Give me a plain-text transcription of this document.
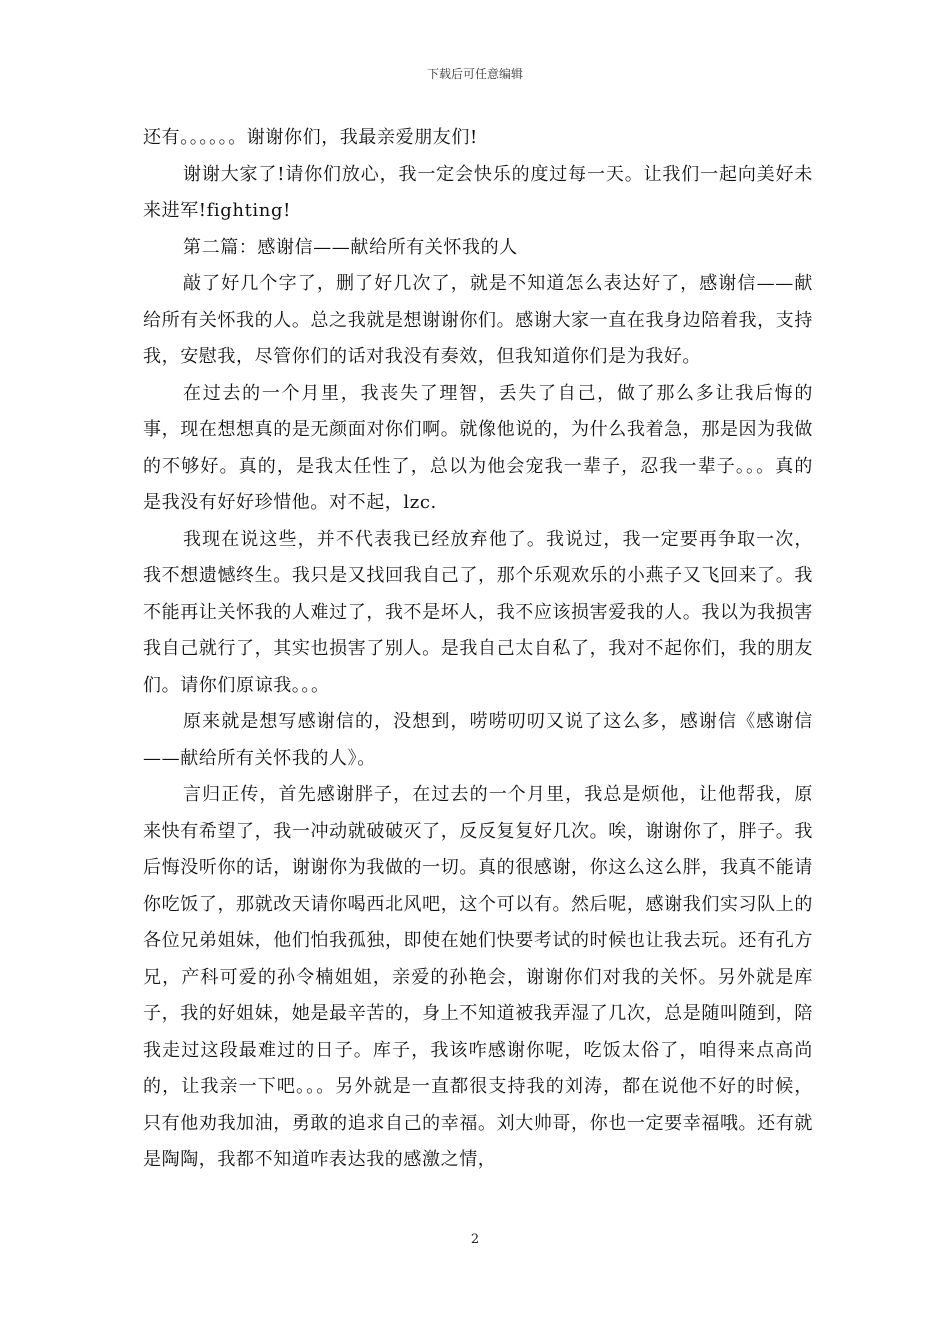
下载后可任意编辑

还有。。。。。。谢谢你们，我最亲爱朋友们!

谢谢大家了!请你们放心，我一定会快乐的度过每一天。让我们一起向美好未来进军!fighting!

第二篇：感谢信——献给所有关怀我的人

敲了好几个字了，删了好几次了，就是不知道怎么表达好了，感谢信——献给所有关怀我的人。总之我就是想谢谢你们。感谢大家一直在我身边陪着我，支持我，安慰我，尽管你们的话对我没有奏效，但我知道你们是为我好。

在过去的一个月里，我丧失了理智，丢失了自己，做了那么多让我后悔的事，现在想想真的是无颜面对你们啊。就像他说的，为什么我着急，那是因为我做的不够好。真的，是我太任性了，总以为他会宠我一辈子，忍我一辈子。。。真的是我没有好好珍惜他。对不起，lzc.

我现在说这些，并不代表我已经放弃他了。我说过，我一定要再争取一次，我不想遗憾终生。我只是又找回我自己了，那个乐观欢乐的小燕子又飞回来了。我不能再让关怀我的人难过了，我不是坏人，我不应该损害爱我的人。我以为我损害我自己就行了，其实也损害了别人。是我自己太自私了，我对不起你们，我的朋友们。请你们原谅我。。。

原来就是想写感谢信的，没想到，唠唠叨叨又说了这么多，感谢信《感谢信——献给所有关怀我的人》。

言归正传，首先感谢胖子，在过去的一个月里，我总是烦他，让他帮我，原来快有希望了，我一冲动就破破灭了，反反复复好几次。唉，谢谢你了，胖子。我后悔没听你的话，谢谢你为我做的一切。真的很感谢，你这么这么胖，我真不能请你吃饭了，那就改天请你喝西北风吧，这个可以有。然后呢，感谢我们实习队上的各位兄弟姐妹，他们怕我孤独，即使在她们快要考试的时候也让我去玩。还有孔方兄，产科可爱的孙令楠姐姐，亲爱的孙艳会，谢谢你们对我的关怀。另外就是库子，我的好姐妹，她是最辛苦的，身上不知道被我弄湿了几次，总是随叫随到，陪我走过这段最难过的日子。库子，我该咋感谢你呢，吃饭太俗了，咱得来点高尚的，让我亲一下吧。。。另外就是一直都很支持我的刘涛，都在说他不好的时候，只有他劝我加油，勇敢的追求自己的幸福。刘大帅哥，你也一定要幸福哦。还有就是陶陶，我都不知道咋表达我的感激之情，

2
